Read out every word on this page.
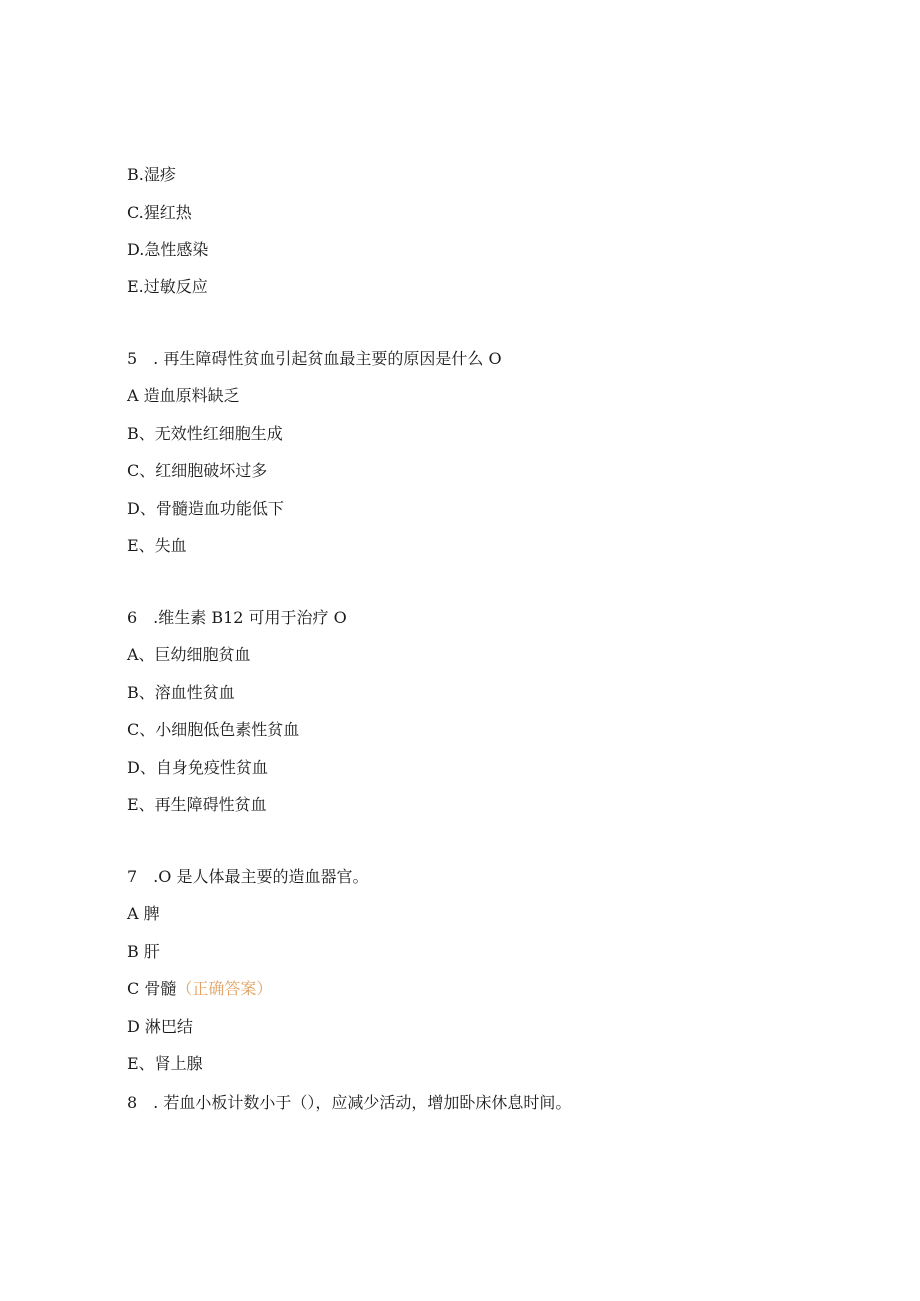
B.湿疹
C.猩红热
D.急性感染
E.过敏反应
5　. 再生障碍性贫血引起贫血最主要的原因是什么 O
A 造血原料缺乏
B、无效性红细胞生成
C、红细胞破坏过多
D、骨髓造血功能低下
E、失血
6　.维生素 B12 可用于治疗 O
A、巨幼细胞贫血
B、溶血性贫血
C、小细胞低色素性贫血
D、自身免疫性贫血
E、再生障碍性贫血
7　.O 是人体最主要的造血器官。
A 脾
B 肝
C 骨髓（正确答案）
D 淋巴结
E、肾上腺
8　. 若血小板计数小于（），应减少活动，增加卧床休息时间。
